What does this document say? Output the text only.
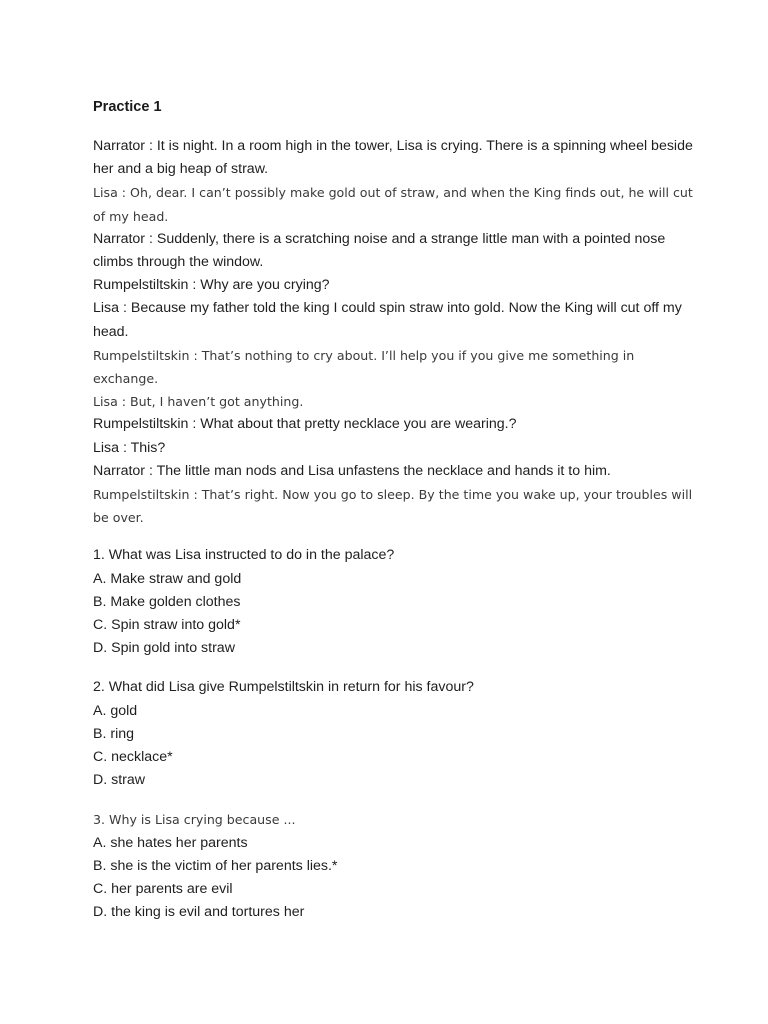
Practice 1

Narrator : It is night. In a room high in the tower, Lisa is crying. There is a spinning wheel beside her and a big heap of straw.

Lisa : Oh, dear. I can’t possibly make gold out of straw, and when the King finds out, he will cut of my head.

Narrator : Suddenly, there is a scratching noise and a strange little man with a pointed nose climbs through the window.

Rumpelstiltskin : Why are you crying?

Lisa : Because my father told the king I could spin straw into gold. Now the King will cut off my head.

Rumpelstiltskin : That’s nothing to cry about. I’ll help you if you give me something in exchange.

Lisa : But, I haven’t got anything.

Rumpelstiltskin : What about that pretty necklace you are wearing.?

Lisa : This?

Narrator : The little man nods and Lisa unfastens the necklace and hands it to him.

Rumpelstiltskin : That’s right. Now you go to sleep. By the time you wake up, your troubles will be over.

1. What was Lisa instructed to do in the palace?

A. Make straw and gold

B. Make golden clothes

C. Spin straw into gold*

D. Spin gold into straw

2. What did Lisa give Rumpelstiltskin in return for his favour?

A. gold

B. ring

C. necklace*

D. straw

3. Why is Lisa crying because ...

A. she hates her parents

B. she is the victim of her parents lies.*

C. her parents are evil

D. the king is evil and tortures her
